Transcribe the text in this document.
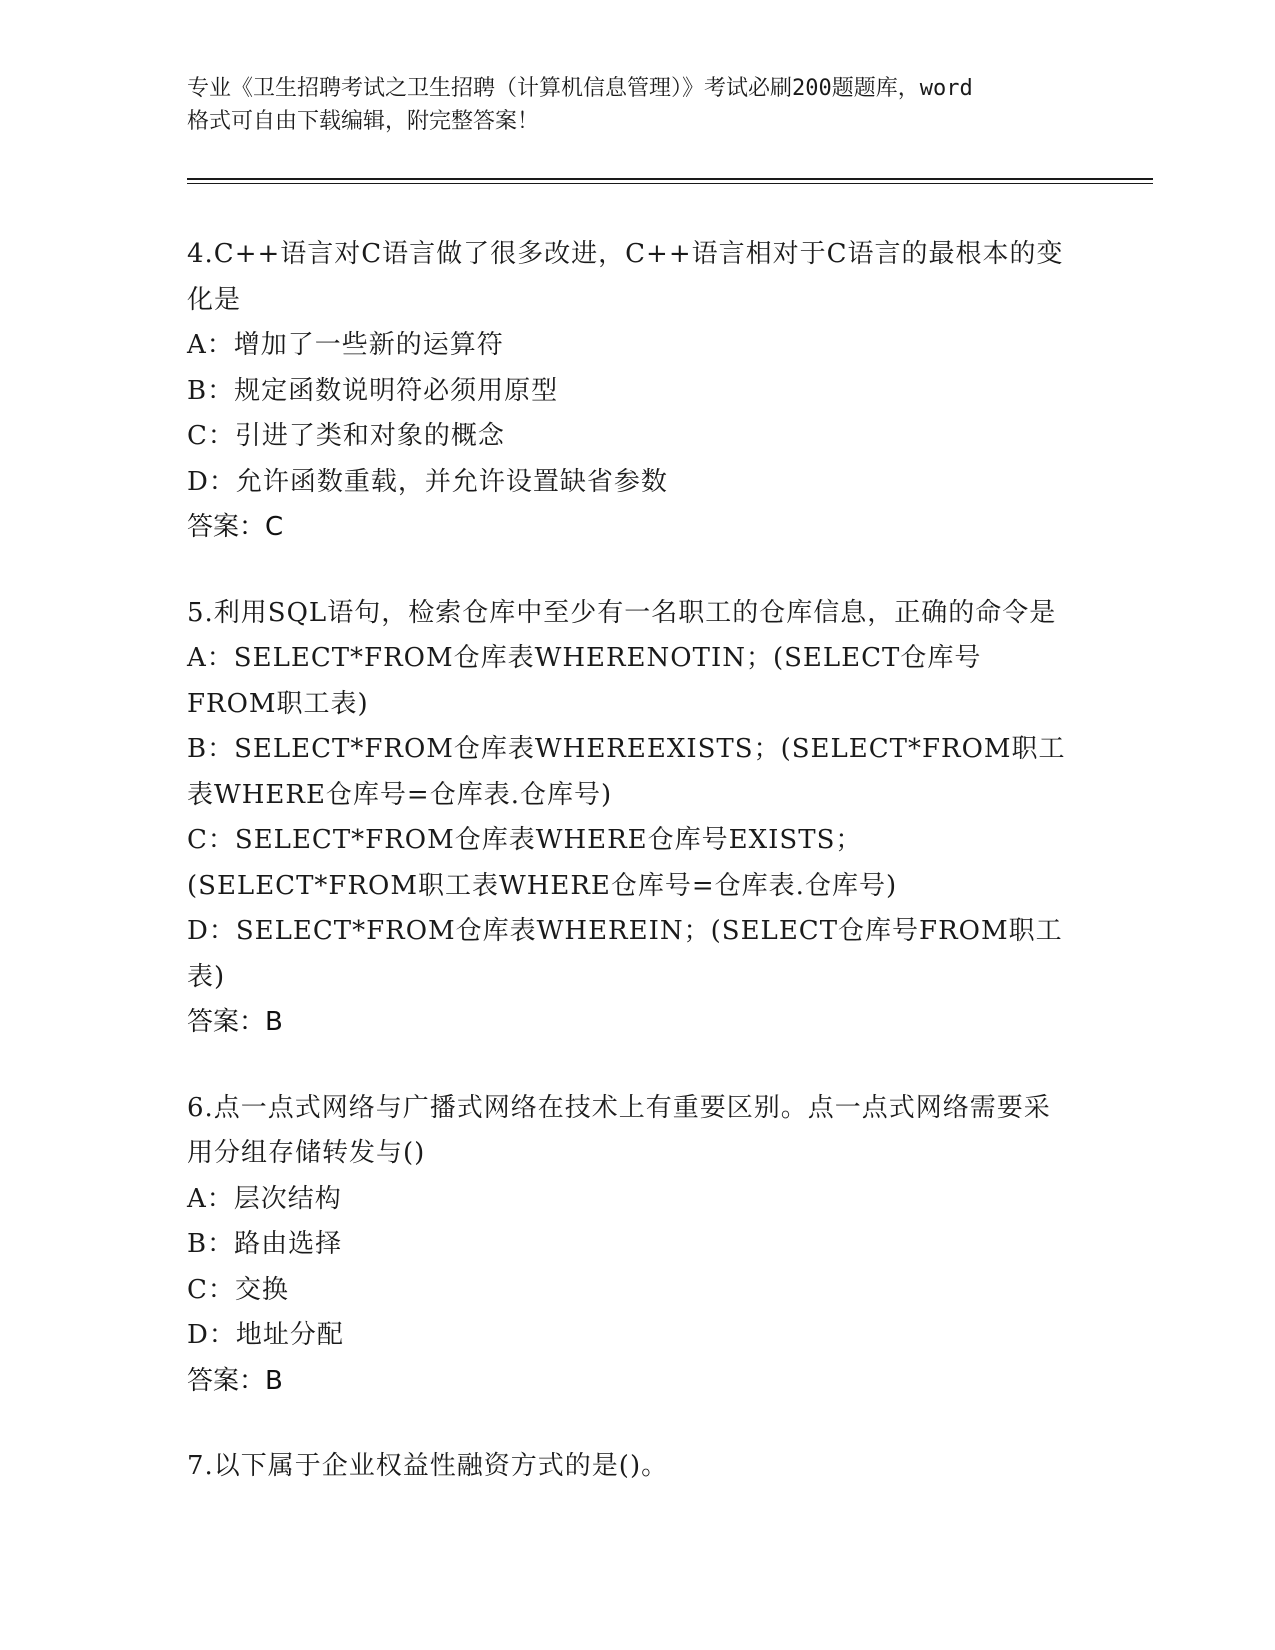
专业《卫生招聘考试之卫生招聘（计算机信息管理）》考试必刷200题题库，word
格式可自由下载编辑，附完整答案！

4.C++语言对C语言做了很多改进，C++语言相对于C语言的最根本的变化是

A：增加了一些新的运算符

B：规定函数说明符必须用原型

C：引进了类和对象的概念

D：允许函数重载，并允许设置缺省参数

答案：C

5.利用SQL语句，检索仓库中至少有一名职工的仓库信息，正确的命令是

A：SELECT*FROM仓库表WHERENOTIN；(SELECT仓库号FROM职工表)

B：SELECT*FROM仓库表WHEREEXISTS；(SELECT*FROM职工表WHERE仓库号=仓库表.仓库号)

C：SELECT*FROM仓库表WHERE仓库号EXISTS；(SELECT*FROM职工表WHERE仓库号=仓库表.仓库号)

D：SELECT*FROM仓库表WHEREIN；(SELECT仓库号FROM职工表)

答案：B

6.点一点式网络与广播式网络在技术上有重要区别。点一点式网络需要采用分组存储转发与()

A：层次结构

B：路由选择

C：交换

D：地址分配

答案：B

7.以下属于企业权益性融资方式的是()。
